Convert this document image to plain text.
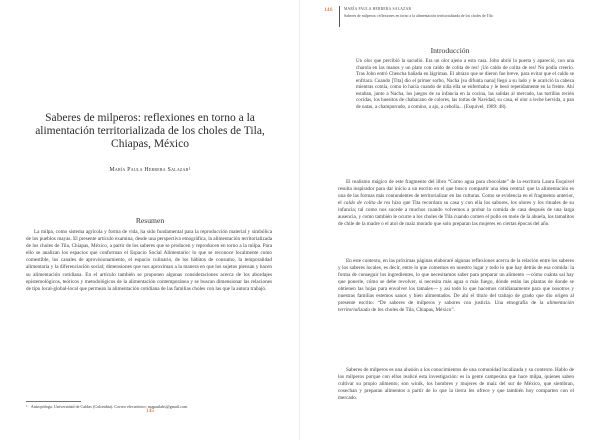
Saberes de milperos: reflexiones en torno a la alimentación territorializada de los choles de Tila, Chiapas, México

María Paula Herrera Salazar$^1$

Resumen

La milpa, como sistema agrícola y forma de vida, ha sido fundamental para la reproducción material y simbólica de los pueblos mayas. El presente artículo examina, desde una perspectiva etnográfica, la alimentación territorializada de los choles de Tila, Chiapas, México, a partir de los saberes que se producen y reproducen en torno a la milpa. Para ello se analizan los espacios que conforman el Espacio Social Alimentario: lo que se reconoce localmente como comestible, los canales de aprovisionamiento, el espacio culinario, de los hábitos de consumo, la temporalidad alimentaria y la diferenciación social; dimensiones que nos aproximan a la manera en que los sujetos piensan y hacen su alimentación cotidiana. En el artículo también se proponen algunas consideraciones acerca de los abordajes epistemológicos, teóricos y metodológicos de la alimentación contemporánea y se buscan dimensionar las relaciones de tipo local-global-local que permean la alimentación cotidiana de las familias choles con las que la autora trabajó.

$^1$ Antropóloga, Universidad de Caldas (Colombia). Correo electrónico: mapaulahs@gmail.com

145
146	MARÍA PAULA HERRERA SALAZAR
Saberes de milperos: reflexiones en torno a la alimentación territorializada de los choles de Tila
Introducción

Un olor que percibió la sacudió. Era un olor ajeno a esta casa. John abrió la puerta y apareció, con una charola en las manos y un plato con caldo de colita de res! ¡Un caldo de colita de res! No podía creerlo. Tras John entró Chencha bañada en lágrimas. El abrazo que se dieron fue breve, para evitar que el caldo se enfriara. Cuando [Tita] dio el primer sorbo, Nacha [su difunta nana] llegó a su lado y le acarició la cabeza mientras comía, como lo hacía cuando de niña ella se enfermaba y le besó repetidamente en la frente. Ahí estaban, junto a Nacha, los juegos de su infancia en la cocina, las salidas al mercado, las tortillas recién cocidas, los huesitos de chabacano de colores, las tortas de Navidad, su casa, el olor a leche hervida, a pan de natas, a champurrado, a comino, a ajo, a cebolla... (Esquivel, 1989: 48).

El realismo mágico de este fragmento del libro “Como agua para chocolate” de la escritora Laura Esquivel resulta inspirador para dar inicio a un escrito en el que busco compartir una idea central: que la alimentación es una de las formas más contundentes de territorializar en las culturas. Como se evidencia en el fragmento anterior, el caldo de colita de res hizo que Tita recordara su casa y con ella los sabores, los olores y los rituales de su infancia; tal como nos sucede a muchos cuando volvemos a probar la comida de casa después de una larga ausencia, y como también le ocurre a los choles de Tila cuando comen el pollo en mole de la abuela, los tamalitos de chile de la madre o el atol de maíz morado que solo preparan las mujeres en ciertas épocas del año.

En este contexto, en las próximas páginas elaboraré algunas reflexiones acerca de la relación entre los saberes y los saberes locales, es decir, entre lo que comemos en nuestro lugar y todo lo que hay detrás de esa comida: la forma de conseguir los ingredientes, lo que necesitamos saber para preparar un alimento —cómo cuánta sal hay que ponerle, cómo se debe revolver, si necesita más agua o más fuego, dónde están las plantas de donde se obtienen las hojas para envolver los tamales— y así todo lo que hacemos cotidianamente para que nosotros y nuestras familias estemos sanos y bien alimentados. De ahí el título del trabajo de grado que dio origen al presente escrito: “De saberes de milperos y sabores con justicia. Una etnografía de la alimentación territorializada de los choles de Tila, Chiapas, México”.

Saberes de milperos es una alusión a los conocimientos de una comunidad localizada y su contexto. Hablo de los milperos porque con ellos realicé esta investigación: es la gente campesina que hace milpa, quienes saben cultivar su propio alimento; son winik, los hombres y mujeres de maíz del sur de México, que siembran, cosechan y preparan alimentos a partir de lo que la tierra les ofrece y que también hoy comparten con el mercado.
